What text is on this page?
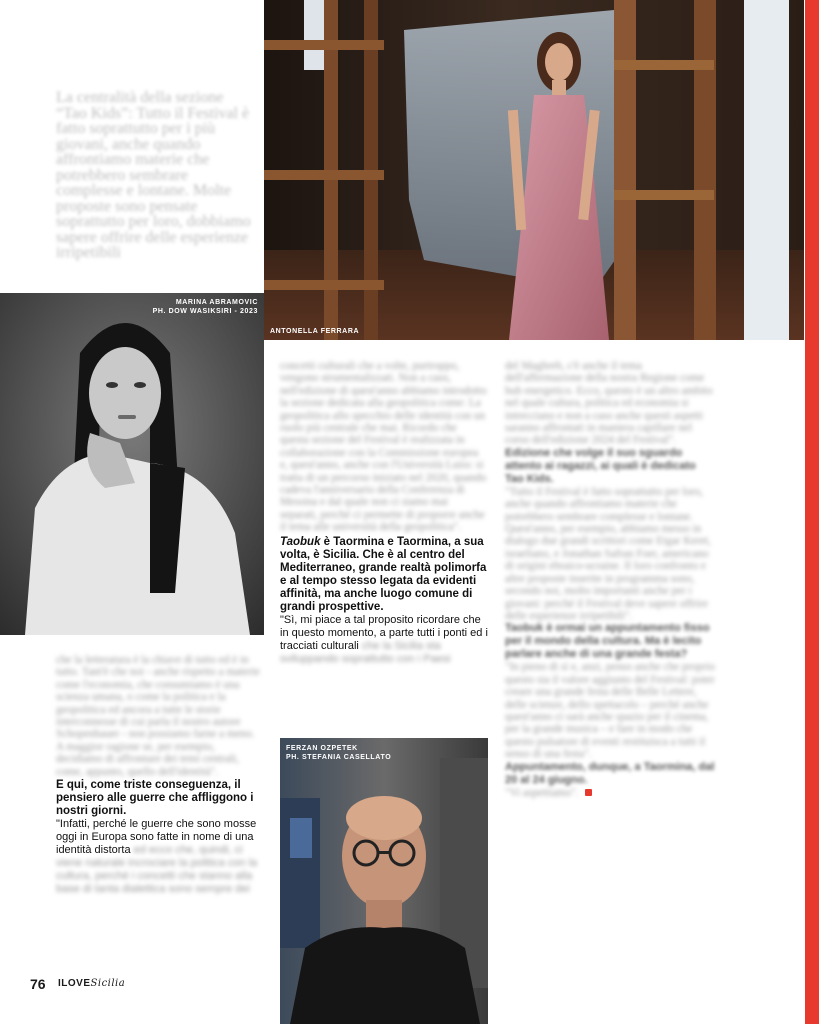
La centralità della sezione “Tao Kids”: Tutto il Festival è fatto soprattutto per i più giovani, anche quando affrontiamo materie che potrebbero sembrare complesse e lontane. Molte proposte sono pensate soprattutto per loro, dobbiamo sapere offrire delle esperienze irripetibili
ANTONELLA FERRARA
MARINA ABRAMOVIC
PH. DOW WASIKSIRI - 2023
FERZAN OZPETEK
PH. STEFANIA CASELLATO

che la letteratura è la chiave di tutto ed è in tutto. Tant'è che noi - anche rispetto a materie come l'economia, che consumiamo è una scienza umana, o come la politica e la geopolitica ed ancora a tutte le storie interconnesse di cui parla il nostro autore Schopenhauer - non possiamo farne a meno. A maggior ragione se, per esempio, decidiamo di affrontare dei temi centrali, come, appunto, quello dell'identità".

E qui, come triste conseguenza, il pensiero alle guerre che affliggono i nostri giorni.

"Infatti, perché le guerre che sono mosse oggi in Europa sono fatte in nome di una identità distorta ed ecco che, quindi, ci viene naturale incrociare la politica con la cultura, perché i concetti che stanno alla base di tanta dialettica sono sempre dei

concetti culturali che a volte, purtroppo, vengono strumentalizzati. Non a caso, nell'edizione di quest'anno abbiamo introdotto la sezione dedicata alla geopolitica come: La geopolitica allo specchio delle identità con un ruolo più centrale che mai. Ricordo che questa sezione del Festival è realizzata in collaborazione con la Commissione europea e, quest'anno, anche con l'Università Luiss: si tratta di un percorso iniziato nel 2020, quando cadeva l'anniversario della Conferenza di Messina e dal quale non ci siamo mai separati, perché ci permette di proporre anche il tema alle università della geopolitica".

Taobuk è Taormina e Taormina, a sua volta, è Sicilia. Che è al centro del Mediterraneo, grande realtà polimorfa e al tempo stesso legata da evidenti affinità, ma anche luogo comune di grandi prospettive.

"Sì, mi piace a tal proposito ricordare che in questo momento, a parte tutti i ponti ed i tracciati culturali che la Sicilia sta sviluppando soprattutto con i Paesi

del Maghreb, c'è anche il tema dell'affermazione della nostra Regione come hub energetico. Ecco, questo è un altro ambito nel quale cultura, politica ed economia si intrecciano e non a caso anche questi aspetti saranno affrontati in maniera capillare nel corso dell'edizione 2024 del Festival".

Edizione che volge il suo sguardo attento ai ragazzi, ai quali è dedicato Tao Kids.

"Tutto il Festival è fatto soprattutto per loro, anche quando affrontiamo materie che potrebbero sembrare complesse e lontane. Quest'anno, per esempio, abbiamo messo in dialogo due grandi scrittori come Etgar Keret, israeliano, e Jonathan Safran Foer, americano di origini ebraico-ucraine. Il loro confronto e altre proposte inserite in programma sono, secondo noi, molto importanti anche per i giovani: perché il Festival deve sapere offrire delle esperienze irripetibili".

Taobuk è ormai un appuntamento fisso per il mondo della cultura. Ma è lecito parlare anche di una grande festa?

"In pieno di sì e, anzi, penso anche che proprio questo sia il valore aggiunto del Festival: poter creare una grande festa delle Belle Lettere, delle scienze, dello spettacolo – perché anche quest'anno ci sarà anche spazio per il cinema, per la grande musica – e fare in modo che questo pulsatore di eventi restituisca a tutti il senso di una festa".

Appuntamento, dunque, a Taormina, dal 20 al 24 giugno.

"Vi aspettiamo".

76 ILOVESicilia
